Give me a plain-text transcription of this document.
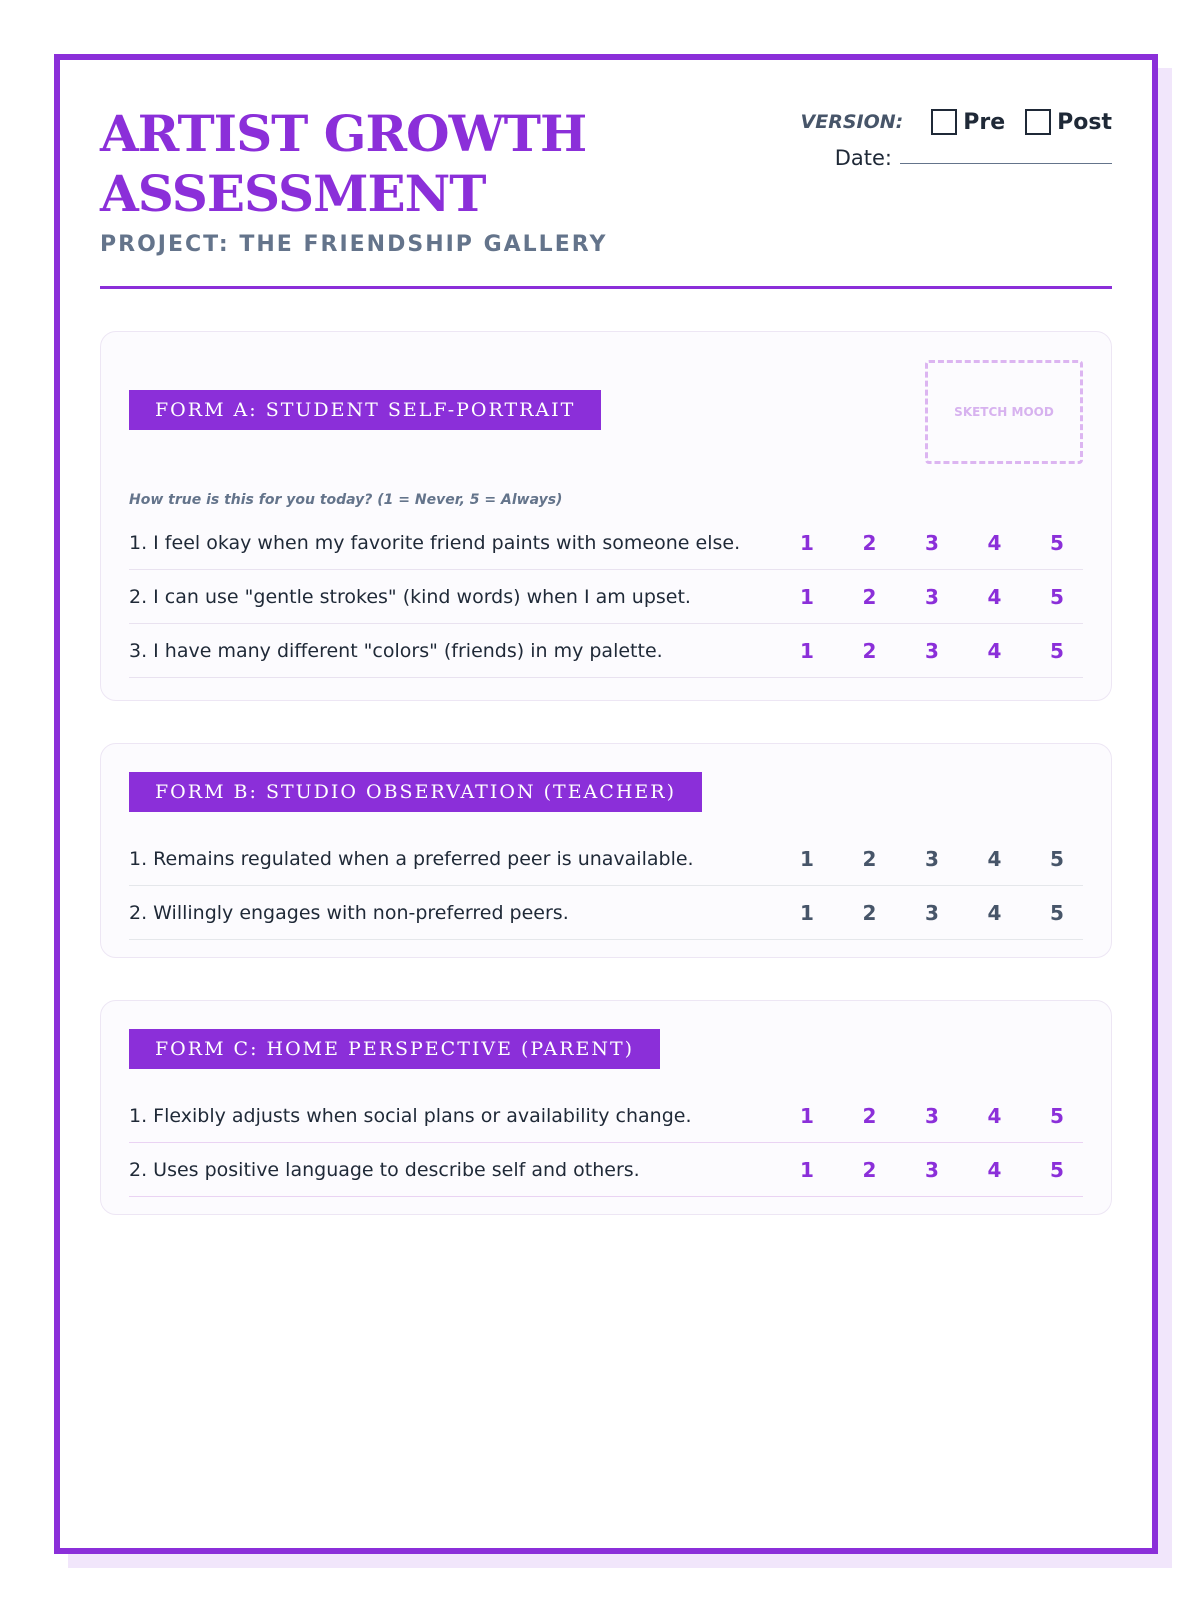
ARTIST GROWTH
ASSESSMENT
PROJECT: THE FRIENDSHIP GALLERY
VERSION:	Pre Post
Date:
FORM A: STUDENT SELF-PORTRAIT	SKETCH MOOD
How true is this for you today? (1 = Never, 5 = Always)
1. I feel okay when my favorite friend paints with someone else.	1	2	3	4	5
2. I can use "gentle strokes" (kind words) when I am upset.	1	2	3	4	5
3. I have many different "colors" (friends) in my palette.	1	2	3	4	5
FORM B: STUDIO OBSERVATION (TEACHER)
1. Remains regulated when a preferred peer is unavailable.	1	2	3	4	5
2. Willingly engages with non-preferred peers.	1	2	3	4	5
FORM C: HOME PERSPECTIVE (PARENT)
1. Flexibly adjusts when social plans or availability change.	1	2	3	4	5
2. Uses positive language to describe self and others.	1	2	3	4	5
